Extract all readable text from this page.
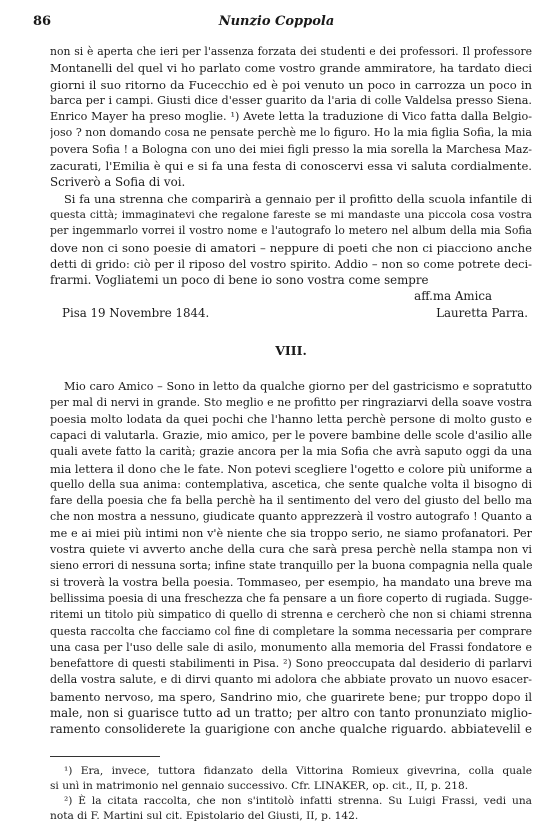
86	Nunzio Coppola
non si è aperta che ieri per l'assenza forzata dei studenti e dei professori. Il professore
Montanelli del quel vi ho parlato come vostro grande ammiratore, ha tardato dieci
giorni il suo ritorno da Fucecchio ed è poi venuto un poco in carrozza un poco in
barca per i campi. Giusti dice d'esser guarito da l'aria di colle Valdelsa presso Siena.
Enrico Mayer ha preso moglie. ¹) Avete letta la traduzione di Vico fatta dalla Belgio-
joso ? non domando cosa ne pensate perchè me lo figuro. Ho la mia figlia Sofia, la mia
povera Sofia ! a Bologna con uno dei miei figli presso la mia sorella la Marchesa Maz-
zacurati, l'Emilia è qui e si fa una festa di conoscervi essa vi saluta cordialmente.
Scriverò a Sofia di voi.
Si fa una strenna che comparirà a gennaio per il profitto della scuola infantile di
questa città; immaginatevi che regalone fareste se mi mandaste una piccola cosa vostra
per ingemmarlo vorrei il vostro nome e l'autografo lo metero nel album della mia Sofia
dove non ci sono poesie di amatori – neppure di poeti che non ci piacciono anche
detti di grido: ciò per il riposo del vostro spirito. Addio – non so come potrete deci-
frarmi. Vogliatemi un poco di bene io sono vostra come sempre
aff.ma Amica
Pisa 19 Novembre 1844.	Lauretta Parra.
VIII.
Mio caro Amico – Sono in letto da qualche giorno per del gastricismo e sopratutto
per mal di nervi in grande. Sto meglio e ne profitto per ringraziarvi della soave vostra
poesia molto lodata da quei pochi che l'hanno letta perchè persone di molto gusto e
capaci di valutarla. Grazie, mio amico, per le povere bambine delle scole d'asilio alle
quali avete fatto la carità; grazie ancora per la mia Sofia che avrà saputo oggi da una
mia lettera il dono che le fate. Non potevi scegliere l'ogetto e colore più uniforme a
quello della sua anima: contemplativa, ascetica, che sente qualche volta il bisogno di
fare della poesia che fa bella perchè ha il sentimento del vero del giusto del bello ma
che non mostra a nessuno, giudicate quanto apprezzerà il vostro autografo ! Quanto a
me e ai miei più intimi non v'è niente che sia troppo serio, ne siamo profanatori. Per
vostra quiete vi avverto anche della cura che sarà presa perchè nella stampa non vi
sieno errori di nessuna sorta; infine state tranquillo per la buona compagnia nella quale
si troverà la vostra bella poesia. Tommaseo, per esempio, ha mandato una breve ma
bellissima poesia di una freschezza che fa pensare a un fiore coperto di rugiada. Sugge-
ritemi un titolo più simpatico di quello di strenna e cercherò che non si chiami strenna
questa raccolta che facciamo col fine di completare la somma necessaria per comprare
una casa per l'uso delle sale di asilo, monumento alla memoria del Frassi fondatore e
benefattore di questi stabilimenti in Pisa. ²) Sono preoccupata dal desiderio di parlarvi
della vostra salute, e di dirvi quanto mi adolora che abbiate provato un nuovo esacer-
bamento nervoso, ma spero, Sandrino mio, che guarirete bene; pur troppo dopo il
male, non si guarisce tutto ad un tratto; per altro con tanto pronunziato miglio-
ramento consoliderete la guarigione con anche qualche riguardo. abbiatevelil e
¹) Era, invece, tuttora fidanzato della Vittorina Romieux givevrina, colla quale
si unì in matrimonio nel gennaio successivo. Cfr. LINAKER, op. cit., II, p. 218.
²) È la citata raccolta, che non s'intitolò infatti strenna. Su Luigi Frassi, vedi una
nota di F. Martini sul cit. Epistolario del Giusti, II, p. 142.
